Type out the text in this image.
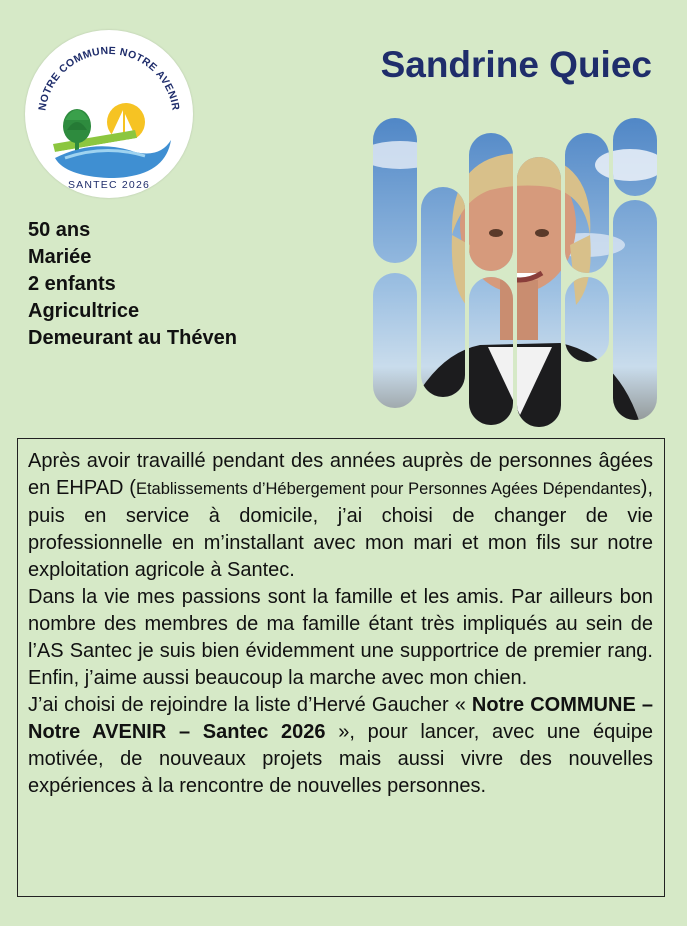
NOTRE COMMUNE NOTRE AVENIR
SANTEC 2026
Sandrine Quiec
50 ans
Mariée
2 enfants
Agricultrice
Demeurant au Théven

Après avoir travaillé pendant des années auprès de personnes âgées en EHPAD (Etablissements d’Hébergement pour Personnes Agées Dépendantes), puis en service à domicile, j’ai choisi de changer de vie professionnelle en m’installant avec mon mari et mon fils sur notre exploitation agricole à Santec.

Dans la vie mes passions sont la famille et les amis. Par ailleurs bon nombre des membres de ma famille étant très impliqués au sein de l’AS Santec je suis bien évidemment une supportrice de premier rang. Enfin, j’aime aussi beaucoup la marche avec mon chien.

J’ai choisi de rejoindre la liste d’Hervé Gaucher « Notre COMMUNE – Notre AVENIR – Santec 2026 », pour lancer, avec une équipe motivée, de nouveaux projets mais aussi vivre des nouvelles expériences à la rencontre de nouvelles personnes.
